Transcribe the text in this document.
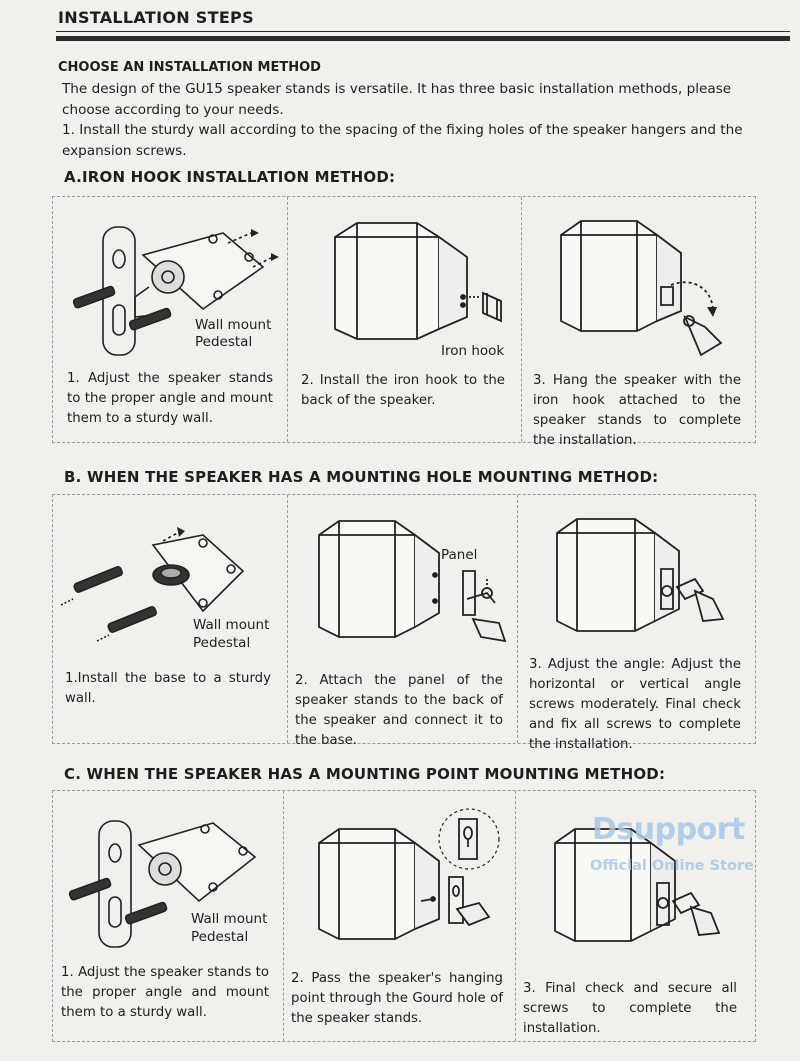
INSTALLATION STEPS
CHOOSE AN INSTALLATION METHOD

The design of the GU15 speaker stands is versatile. It has three basic installation methods, please choose according to your needs.

1. Install the sturdy wall according to the spacing of the fixing holes of the speaker hangers and the expansion screws.

A.IRON HOOK INSTALLATION METHOD:
Wall mount
Pedestal
1. Adjust the speaker stands to the proper angle and mount them to a sturdy wall.
Iron hook
2. Install the iron hook to the back of the speaker.
3. Hang the speaker with the iron hook attached to the speaker stands to complete the installation.
B. WHEN THE SPEAKER HAS A MOUNTING HOLE MOUNTING METHOD:
Wall mount
Pedestal
1.Install the base to a sturdy wall.
Panel
2. Attach the panel of the speaker stands to the back of the speaker and connect it to the base.
3. Adjust the angle: Adjust the horizontal or vertical angle screws moderately. Final check and fix all screws to complete the installation.
C. WHEN THE SPEAKER HAS A MOUNTING POINT MOUNTING METHOD:
Wall mount
Pedestal
1. Adjust the speaker stands to the proper angle and mount them to a sturdy wall.
2. Pass the speaker's hanging point through the Gourd hole of the speaker stands.
3. Final check and secure all screws to complete the installation.
Dsupport
Official Online Store
